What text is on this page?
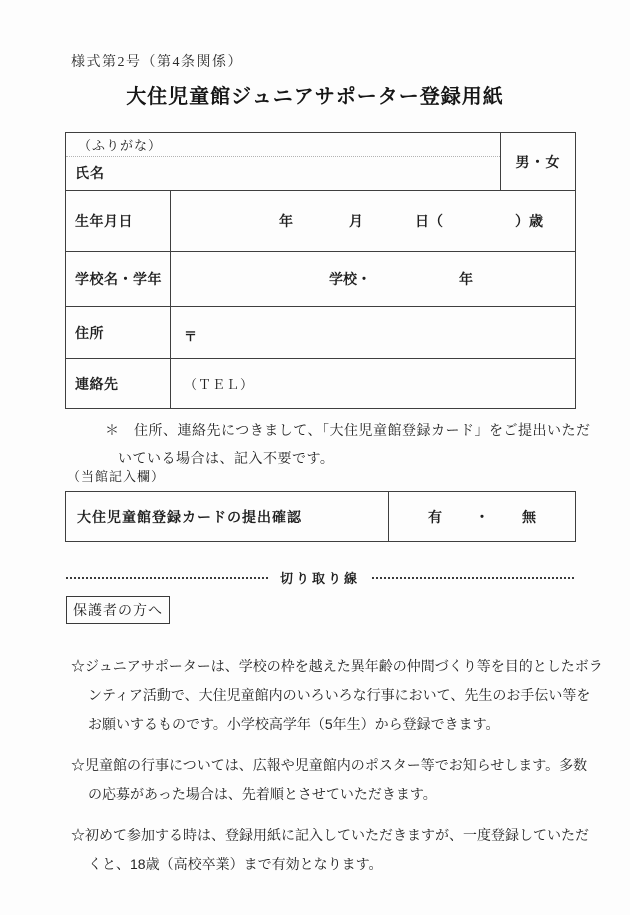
様式第2号（第4条関係）
大住児童館ジュニアサポーター登録用紙
（ふりがな）
氏名		男・女
生年月日	年 月 日（ ）歳	

学校名・学年	学校・ 年	

住所	〒	
連絡先	（ＴＥＬ）	
＊　住所、連絡先につきまして、「大住児童館登録カード」をご提出いただ
いている場合は、記入不要です。
（当館記入欄）
大住児童館登録カードの提出確認	有 ・ 無
切り取り線
保護者の方へ
☆ジュニアサポーターは、学校の枠を越えた異年齢の仲間づくり等を目的としたボラ
ンティア活動で、大住児童館内のいろいろな行事において、先生のお手伝い等を
お願いするものです。小学校高学年（5年生）から登録できます。
☆児童館の行事については、広報や児童館内のポスター等でお知らせします。多数
の応募があった場合は、先着順とさせていただきます。
☆初めて参加する時は、登録用紙に記入していただきますが、一度登録していただ
くと、18歳（高校卒業）まで有効となります。
